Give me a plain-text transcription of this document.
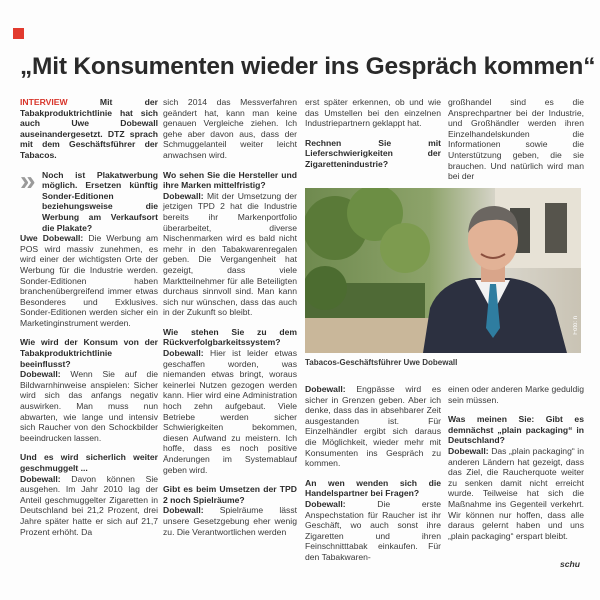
„Mit Konsumenten wieder ins Gespräch kommen“

INTERVIEW	Mit der Tabakproduktrichtlinie hat sich auch Uwe Dobewall auseinandergesetzt. DTZ sprach mit dem Geschäftsführer der Tabacos.

» Noch ist Plakatwerbung möglich. Ersetzen künftig Sonder-Editionen beziehungsweise die Werbung am Verkaufsort die Plakate?

Uwe Dobewall: Die Werbung am POS wird massiv zunehmen, es wird einer der wichtigsten Orte der Werbung für die Industrie werden. Sonder-Editionen haben branchenübergreifend immer etwas Besonderes und Exklusives. Sonder-Editionen werden sicher ein Marketinginstrument werden.

Wie wird der Konsum von der Tabakproduktrichtlinie beeinflusst?

Dobewall: Wenn Sie auf die Bildwarnhinweise anspielen: Sicher wird sich das anfangs negativ auswirken. Man muss nun abwarten, wie lange und intensiv sich Raucher von den Schockbilder beeindrucken lassen.

Und es wird sicherlich weiter geschmuggelt ...

Dobewall: Davon können Sie ausgehen. Im Jahr 2010 lag der Anteil geschmuggelter Zigaretten in Deutschland bei 21,2 Prozent, drei Jahre später hatte er sich auf 21,7 Prozent erhöht. Da

sich 2014 das Messverfahren geändert hat, kann man keine genauen Vergleiche ziehen. Ich gehe aber davon aus, dass der Schmuggelanteil weiter leicht anwachsen wird.

Wo sehen Sie die Hersteller und ihre Marken mittelfristig?

Dobewall: Mit der Umsetzung der jetzigen TPD 2 hat die Industrie bereits ihr Markenportfolio überarbeitet, diverse Nischenmarken wird es bald nicht mehr in den Tabakwarenregalen geben. Die Vergangenheit hat gezeigt, dass viele Marktteilnehmer für alle Beteiligten durchaus sinnvoll sind. Man kann sich nur wünschen, dass das auch in der Zukunft so bleibt.

Wie stehen Sie zu dem Rückverfolgbarkeitssystem?

Dobewall: Hier ist leider etwas geschaffen worden, was niemanden etwas bringt, woraus keinerlei Nutzen gezogen werden kann. Hier wird eine Administration hoch zehn aufgebaut. Viele Betriebe werden sicher Schwierigkeiten bekommen, diesen Aufwand zu meistern. Ich hoffe, dass es noch positive Änderungen im Systemablauf geben wird.

Gibt es beim Umsetzen der TPD 2 noch Spielräume?

Dobewall: Spielräume lässt unsere Gesetzgebung eher wenig zu. Die Verantwortlichen werden

erst später erkennen, ob und wie das Umstellen bei den einzelnen Industriepartnern geklappt hat.

Rechnen Sie mit Lieferschwierigkeiten der Zigarettenindustrie?

großhandel sind es die Ansprechpartner bei der Industrie, und Großhändler werden ihren Einzelhandelskunden die Informationen sowie die Unterstützung geben, die sie brauchen. Und natürlich wird man bei der

Foto: n
Tabacos-Geschäftsführer Uwe Dobewall

Dobewall: Engpässe wird es sicher in Grenzen geben. Aber ich denke, dass das in absehbarer Zeit ausgestanden ist. Für Einzelhändler ergibt sich daraus die Möglichkeit, wieder mehr mit Konsumenten ins Gespräch zu kommen.

An wen wenden sich die Handelspartner bei Fragen?

Dobewall:	Die erste Anspechstation für Raucher ist ihr Geschäft, wo auch sonst ihre Zigaretten und ihren Feinschnitttabak einkaufen. Für den Tabakwaren-

einen oder anderen Marke geduldig sein müssen.

Was meinen Sie: Gibt es demnächst „plain packaging“ in Deutschland?

Dobewall: Das „plain packaging“ in anderen Ländern hat gezeigt, dass das Ziel, die Raucherquote weiter zu senken damit nicht erreicht wurde. Teilweise hat sich die Maßnahme ins Gegenteil verkehrt. Wir können nur hoffen, dass alle daraus gelernt haben und uns „plain packaging“ erspart bleibt.

schu
